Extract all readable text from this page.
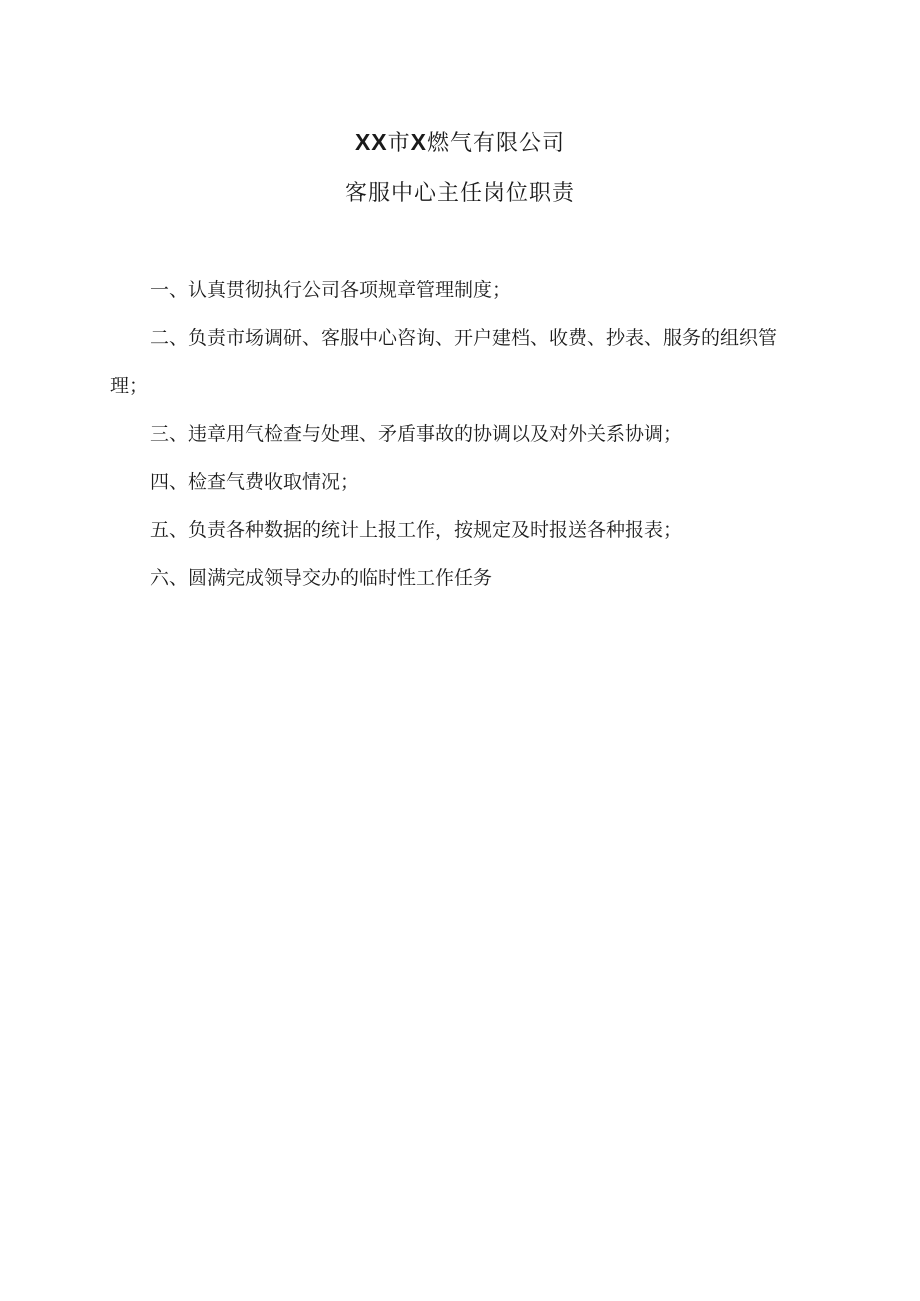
XX市X燃气有限公司
客服中心主任岗位职责

一、认真贯彻执行公司各项规章管理制度；

二、负责市场调研、客服中心咨询、开户建档、收费、抄表、服务的组织管理；

三、违章用气检查与处理、矛盾事故的协调以及对外关系协调；

四、检查气费收取情况；

五、负责各种数据的统计上报工作，按规定及时报送各种报表；

六、圆满完成领导交办的临时性工作任务
